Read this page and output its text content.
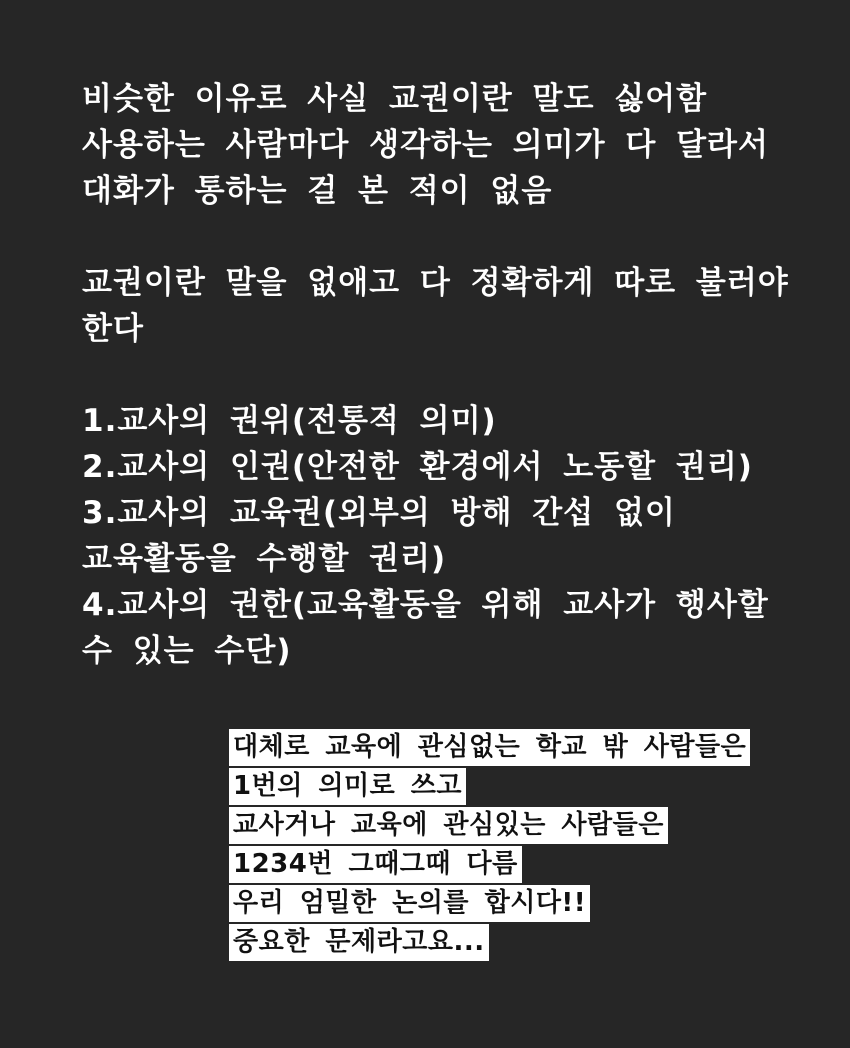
비슷한 이유로 사실 교권이란 말도 싫어함
사용하는 사람마다 생각하는 의미가 다 달라서
대화가 통하는 걸 본 적이 없음
교권이란 말을 없애고 다 정확하게 따로 불러야
한다
1.교사의 권위(전통적 의미)
2.교사의 인권(안전한 환경에서 노동할 권리)
3.교사의 교육권(외부의 방해 간섭 없이
교육활동을 수행할 권리)
4.교사의 권한(교육활동을 위해 교사가 행사할
수 있는 수단)
대체로 교육에 관심없는 학교 밖 사람들은
1번의 의미로 쓰고
교사거나 교육에 관심있는 사람들은
1234번 그때그때 다름
우리 엄밀한 논의를 합시다!!
중요한 문제라고요...
